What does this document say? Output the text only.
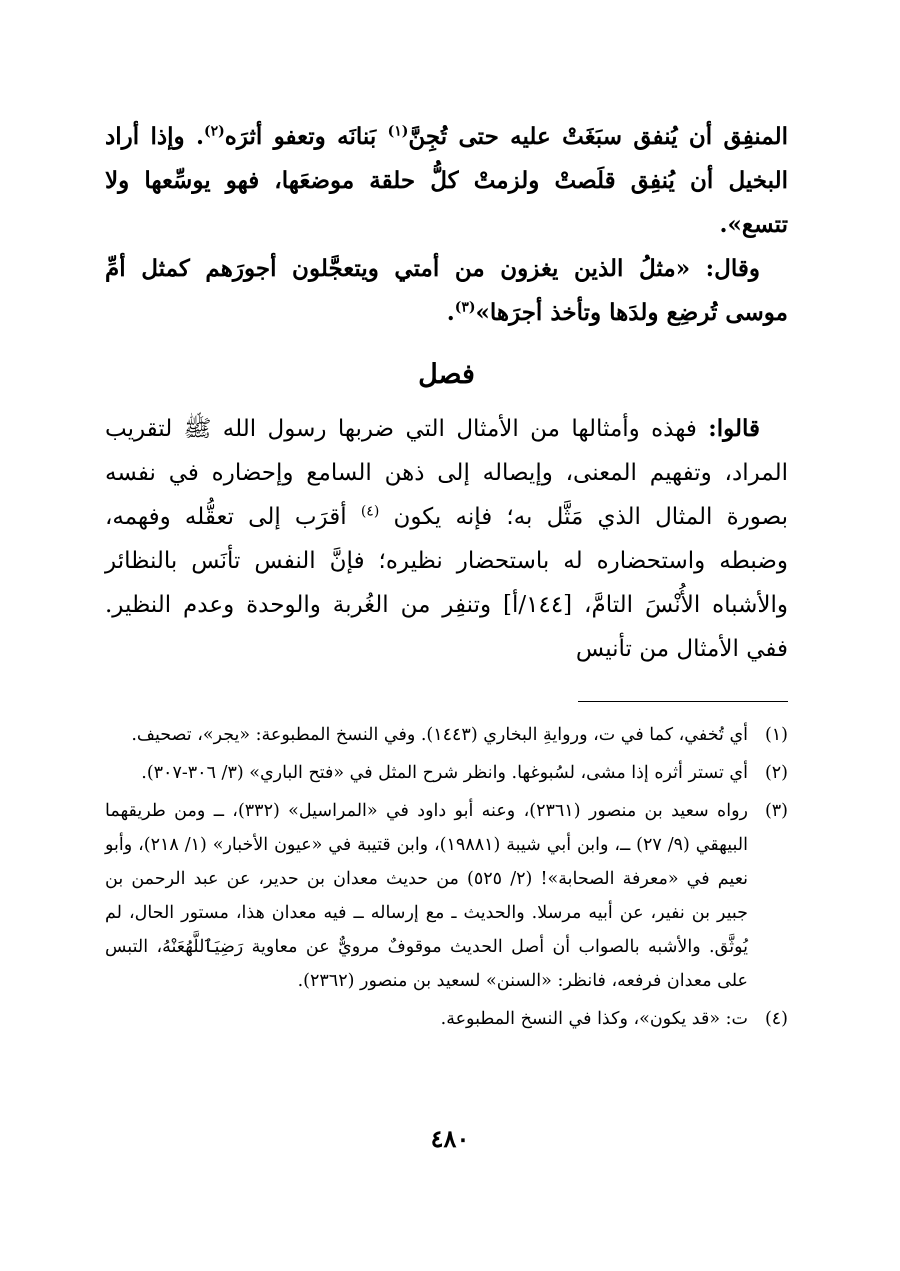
المنفِق أن يُنفق سبَغَتْ عليه حتى تُجِنَّ$^{(١)}$ بَنانَه وتعفو أثرَه$^{(٢)}$. وإذا أراد البخيل أن يُنفِق قلَصتْ ولزمتْ كلُّ حلقة موضعَها، فهو يوسِّعها ولا تتسع».

وقال: «مثلُ الذين يغزون من أمتي ويتعجَّلون أجورَهم كمثل أمِّ موسى تُرضِع ولدَها وتأخذ أجرَها»$^{(٣)}$.

فصل

قالوا: فهذه وأمثالها من الأمثال التي ضربها رسول الله ﷺ لتقريب المراد، وتفهيم المعنى، وإيصاله إلى ذهن السامع وإحضاره في نفسه بصورة المثال الذي مَثَّل به؛ فإنه يكون $^{(٤)}$ أقرَب إلى تعقُّله وفهمه، وضبطه واستحضاره له باستحضار نظيره؛ فإنَّ النفس تأنَس بالنظائر والأشباه الأُنْسَ التامَّ، [١٤٤/أ] وتنفِر من الغُربة والوحدة وعدم النظير. ففي الأمثال من تأنيس

(١)
أي تُخفي، كما في ت، وروايةِ البخاري (١٤٤٣). وفي النسخ المطبوعة: «يجر»، تصحيف.
(٢)
أي تستر أثره إذا مشى، لسُبوغها. وانظر شرح المثل في «فتح الباري» (٣/ ٣٠٦-٣٠٧).
(٣)
رواه سعيد بن منصور (٢٣٦١)، وعنه أبو داود في «المراسيل» (٣٣٢)، ــ ومن طريقهما البيهقي (٩/ ٢٧) ــ، وابن أبي شيبة (١٩٨٨١)، وابن قتيبة في «عيون الأخبار» (١/ ٢١٨)، وأبو نعيم في «معرفة الصحابة»! (٢/ ٥٢٥) من حديث معدان بن حدير، عن عبد الرحمن بن جبير بن نفير، عن أبيه مرسلا. والحديث ـ مع إرساله ــ فيه معدان هذا، مستور الحال، لم يُوثَّق. والأشبه بالصواب أن أصل الحديث موقوفٌ مرويٌّ عن معاوية رَضِيَٱللَّهُعَنْهُ، التبس على معدان فرفعه، فانظر: «السنن» لسعيد بن منصور (٢٣٦٢).
(٤)
ت: «قد يكون»، وكذا في النسخ المطبوعة.
٤٨٠
